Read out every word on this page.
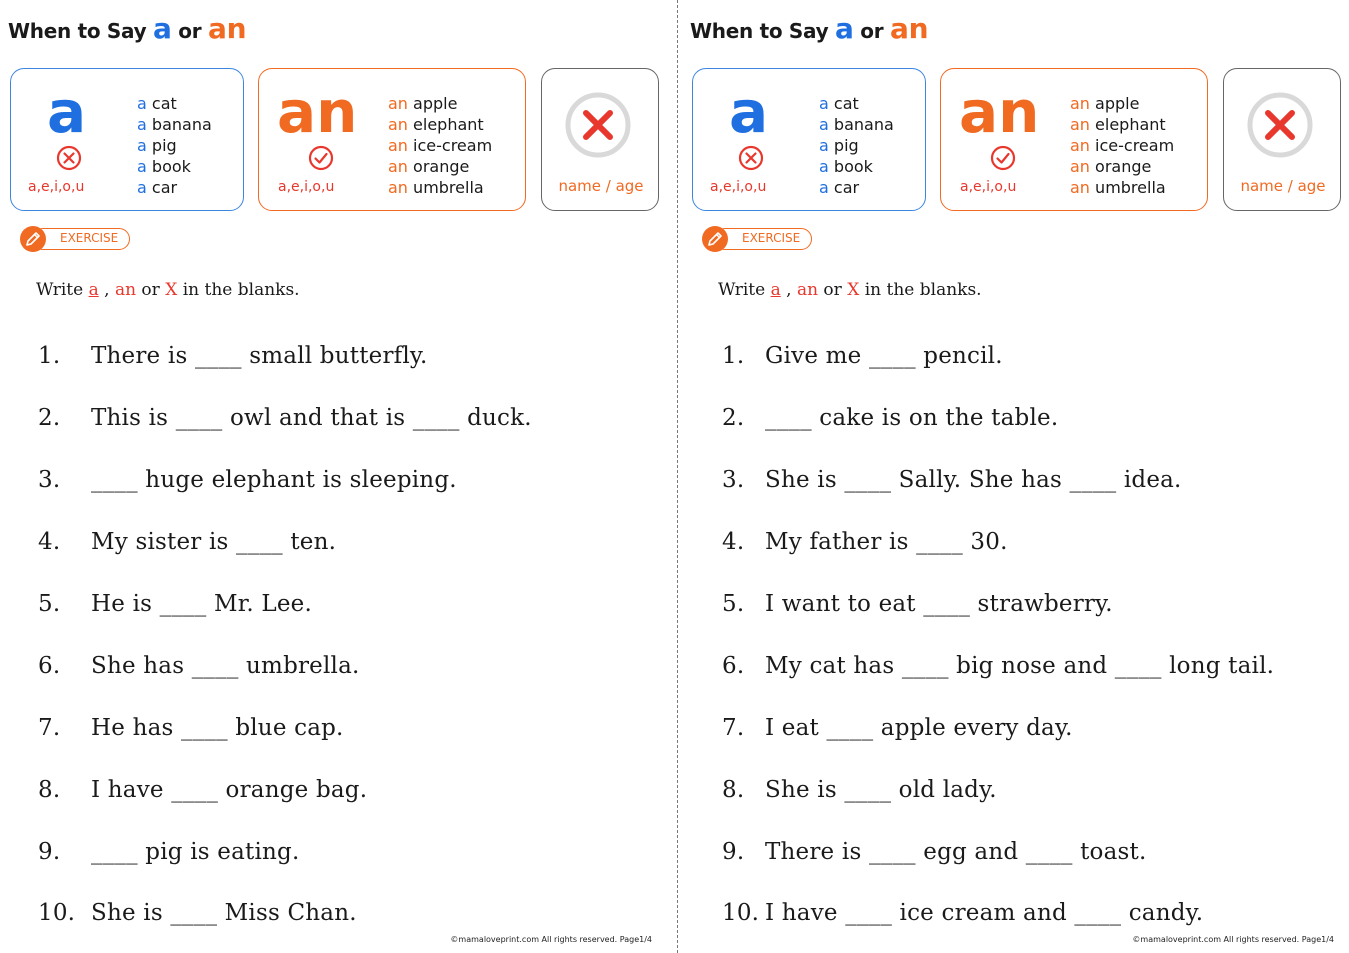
When to Say a or an
a
a,e,i,o,u
a cat
a banana
a pig
a book
a car
an
a,e,i,o,u
an apple
an elephant
an ice-cream
an orange
an umbrella	name / age
EXERCISE
Write a , an or X in the blanks.
1. There is ____ small butterfly.
2. This is ____ owl and that is ____ duck.
3. ____ huge elephant is sleeping.
4. My sister is ____ ten.
5. He is ____ Mr. Lee.
6. She has ____ umbrella.
7. He has ____ blue cap.
8. I have ____ orange bag.
9. ____ pig is eating.
10. She is ____ Miss Chan.
©mamaloveprint.com All rights reserved. Page1/4
When to Say a or an
a
a,e,i,o,u
a cat
a banana
a pig
a book
a car
an
a,e,i,o,u
an apple
an elephant
an ice-cream
an orange
an umbrella	name / age
EXERCISE
Write a , an or X in the blanks.
1. Give me ____ pencil.
2. ____ cake is on the table.
3. She is ____ Sally. She has ____ idea.
4. My father is ____ 30.
5. I want to eat ____ strawberry.
6. My cat has ____ big nose and ____ long tail.
7. I eat ____ apple every day.
8. She is ____ old lady.
9. There is ____ egg and ____ toast.
10. I have ____ ice cream and ____ candy.
©mamaloveprint.com All rights reserved. Page1/4
